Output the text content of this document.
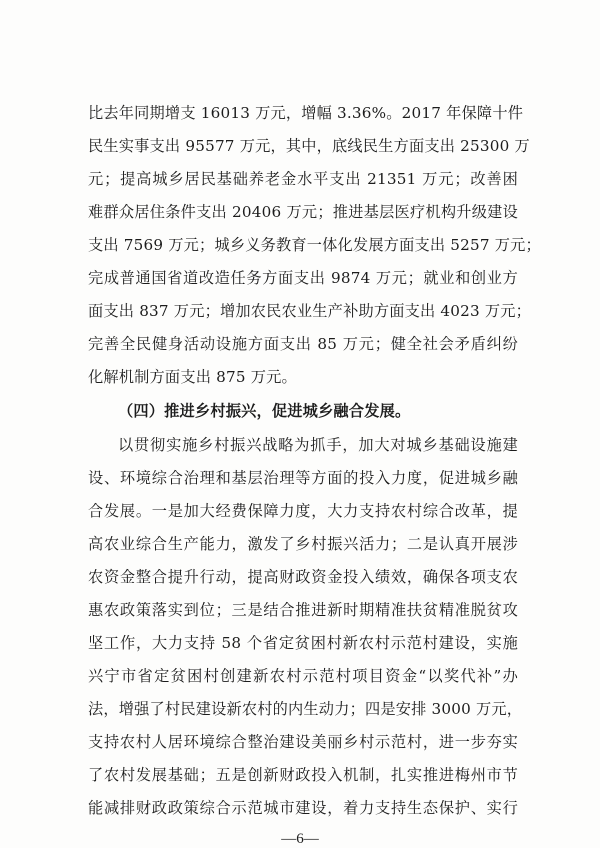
比去年同期增支 16013 万元，增幅 3.36%。2017 年保障十件
民生实事支出 95577 万元，其中，底线民生方面支出 25300 万
元；提高城乡居民基础养老金水平支出 21351 万元；改善困
难群众居住条件支出 20406 万元；推进基层医疗机构升级建设
支出 7569 万元；城乡义务教育一体化发展方面支出 5257 万元；
完成普通国省道改造任务方面支出 9874 万元；就业和创业方
面支出 837 万元；增加农民农业生产补助方面支出 4023 万元；
完善全民健身活动设施方面支出 85 万元；健全社会矛盾纠纷
化解机制方面支出 875 万元。
（四）推进乡村振兴，促进城乡融合发展。
以贯彻实施乡村振兴战略为抓手，加大对城乡基础设施建
设、环境综合治理和基层治理等方面的投入力度，促进城乡融
合发展。一是加大经费保障力度，大力支持农村综合改革，提
高农业综合生产能力，激发了乡村振兴活力；二是认真开展涉
农资金整合提升行动，提高财政资金投入绩效，确保各项支农
惠农政策落实到位；三是结合推进新时期精准扶贫精准脱贫攻
坚工作，大力支持 58 个省定贫困村新农村示范村建设，实施
兴宁市省定贫困村创建新农村示范村项目资金“以奖代补”办
法，增强了村民建设新农村的内生动力；四是安排 3000 万元，
支持农村人居环境综合整治建设美丽乡村示范村，进一步夯实
了农村发展基础；五是创新财政投入机制，扎实推进梅州市节
能减排财政政策综合示范城市建设，着力支持生态保护、实行
—6—
